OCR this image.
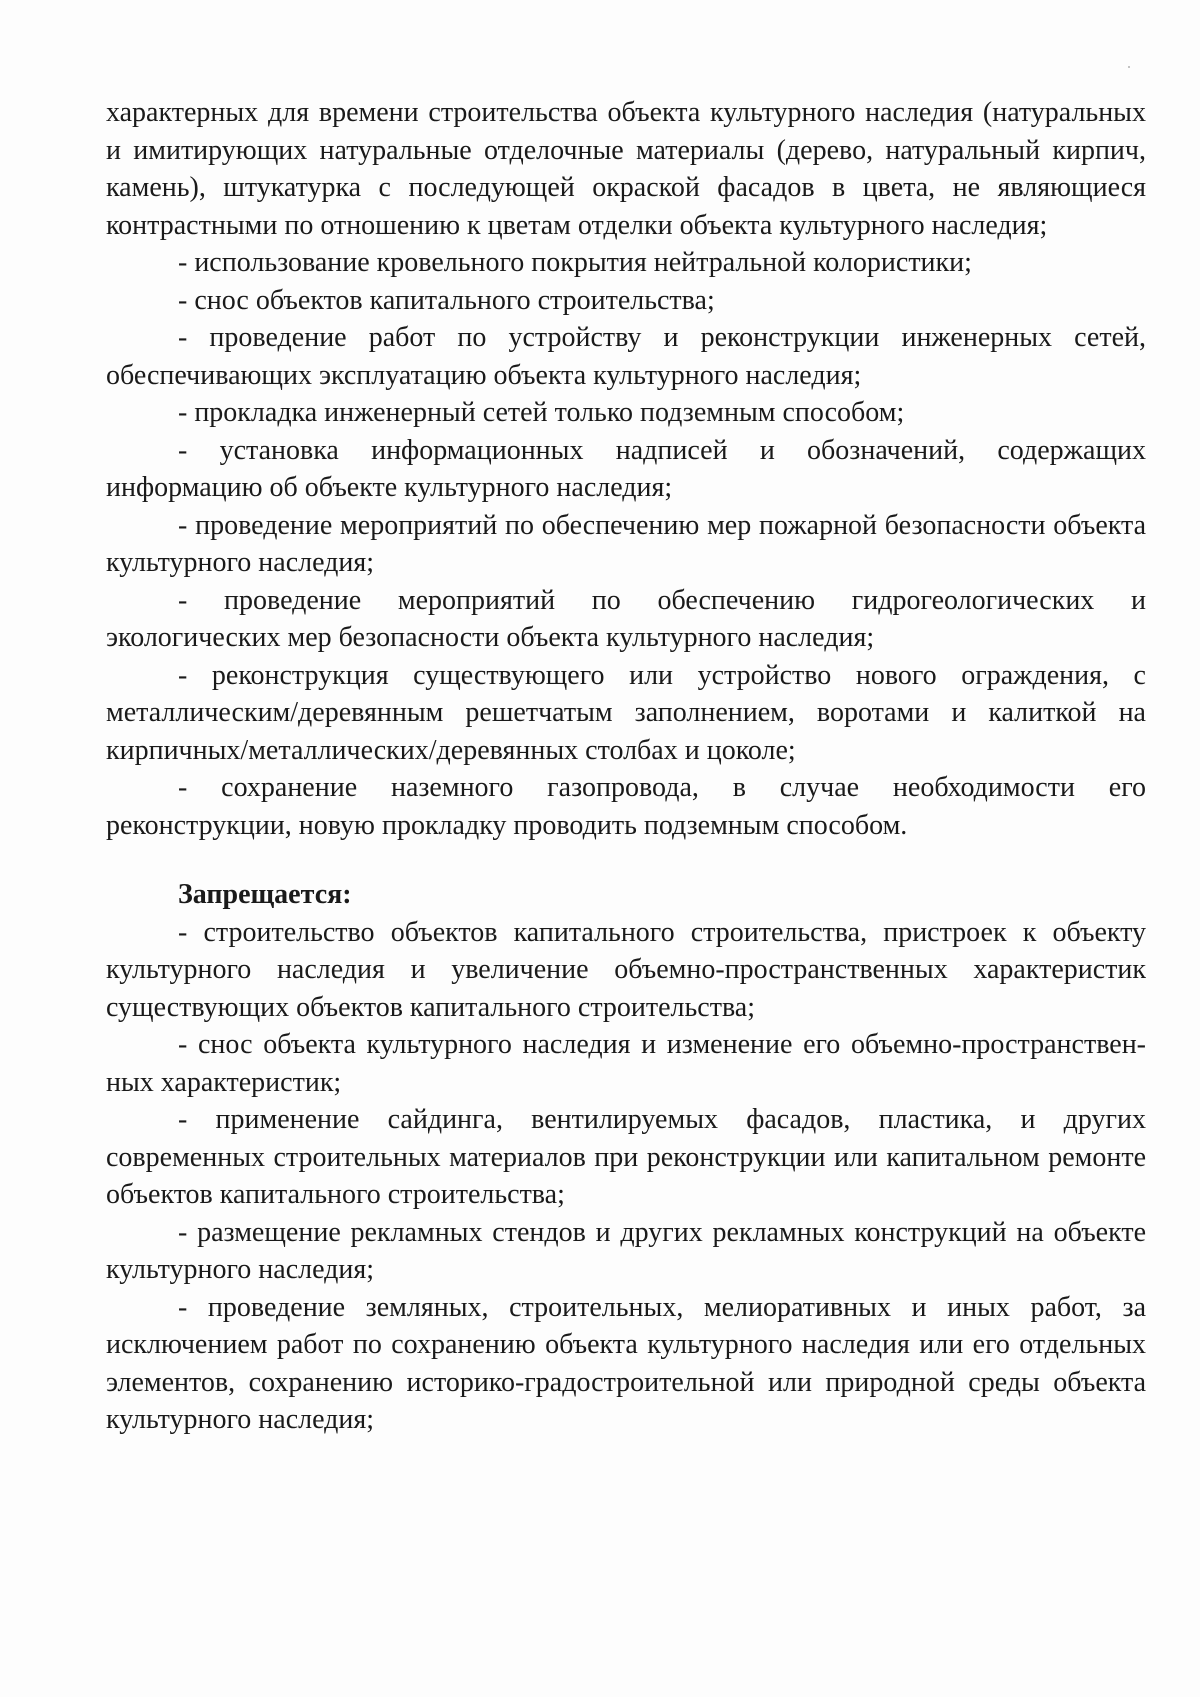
характерных для времени строительства объекта культурного наследия (натуральных и имитирующих натуральные отделочные материалы (дерево, натуральный кирпич, камень), штукатурка с последующей окраской фасадов в цвета, не являющиеся контрастными по отношению к цветам отделки объекта культурного наследия;

- использование кровельного покрытия нейтральной колористики;

- снос объектов капитального строительства;

- проведение работ по устройству и реконструкции инженерных сетей, обеспечивающих эксплуатацию объекта культурного наследия;

- прокладка инженерный сетей только подземным способом;

- установка информационных надписей и обозначений, содержащих информацию об объекте культурного наследия;

- проведение мероприятий по обеспечению мер пожарной безопасности объекта культурного наследия;

- проведение мероприятий по обеспечению гидрогеологических и экологических мер безопасности объекта культурного наследия;

- реконструкция существующего или устройство нового ограждения, с металлическим/деревянным решетчатым заполнением, воротами и калиткой на кирпичных/металлических/деревянных столбах и цоколе;

- сохранение наземного газопровода, в случае необходимости его реконструкции, новую прокладку проводить подземным способом.

Запрещается:

- строительство объектов капитального строительства, пристроек к объекту культурного наследия и увеличение объемно-пространственных характеристик существующих объектов капитального строительства;

- снос объекта культурного наследия и изменение его объемно-пространствен-ных характеристик;

- применение сайдинга, вентилируемых фасадов, пластика, и других современных строительных материалов при реконструкции или капитальном ремонте объектов капитального строительства;

- размещение рекламных стендов и других рекламных конструкций на объекте культурного наследия;

- проведение земляных, строительных, мелиоративных и иных работ, за исключением работ по сохранению объекта культурного наследия или его отдельных элементов, сохранению историко-градостроительной или природной среды объекта культурного наследия;
